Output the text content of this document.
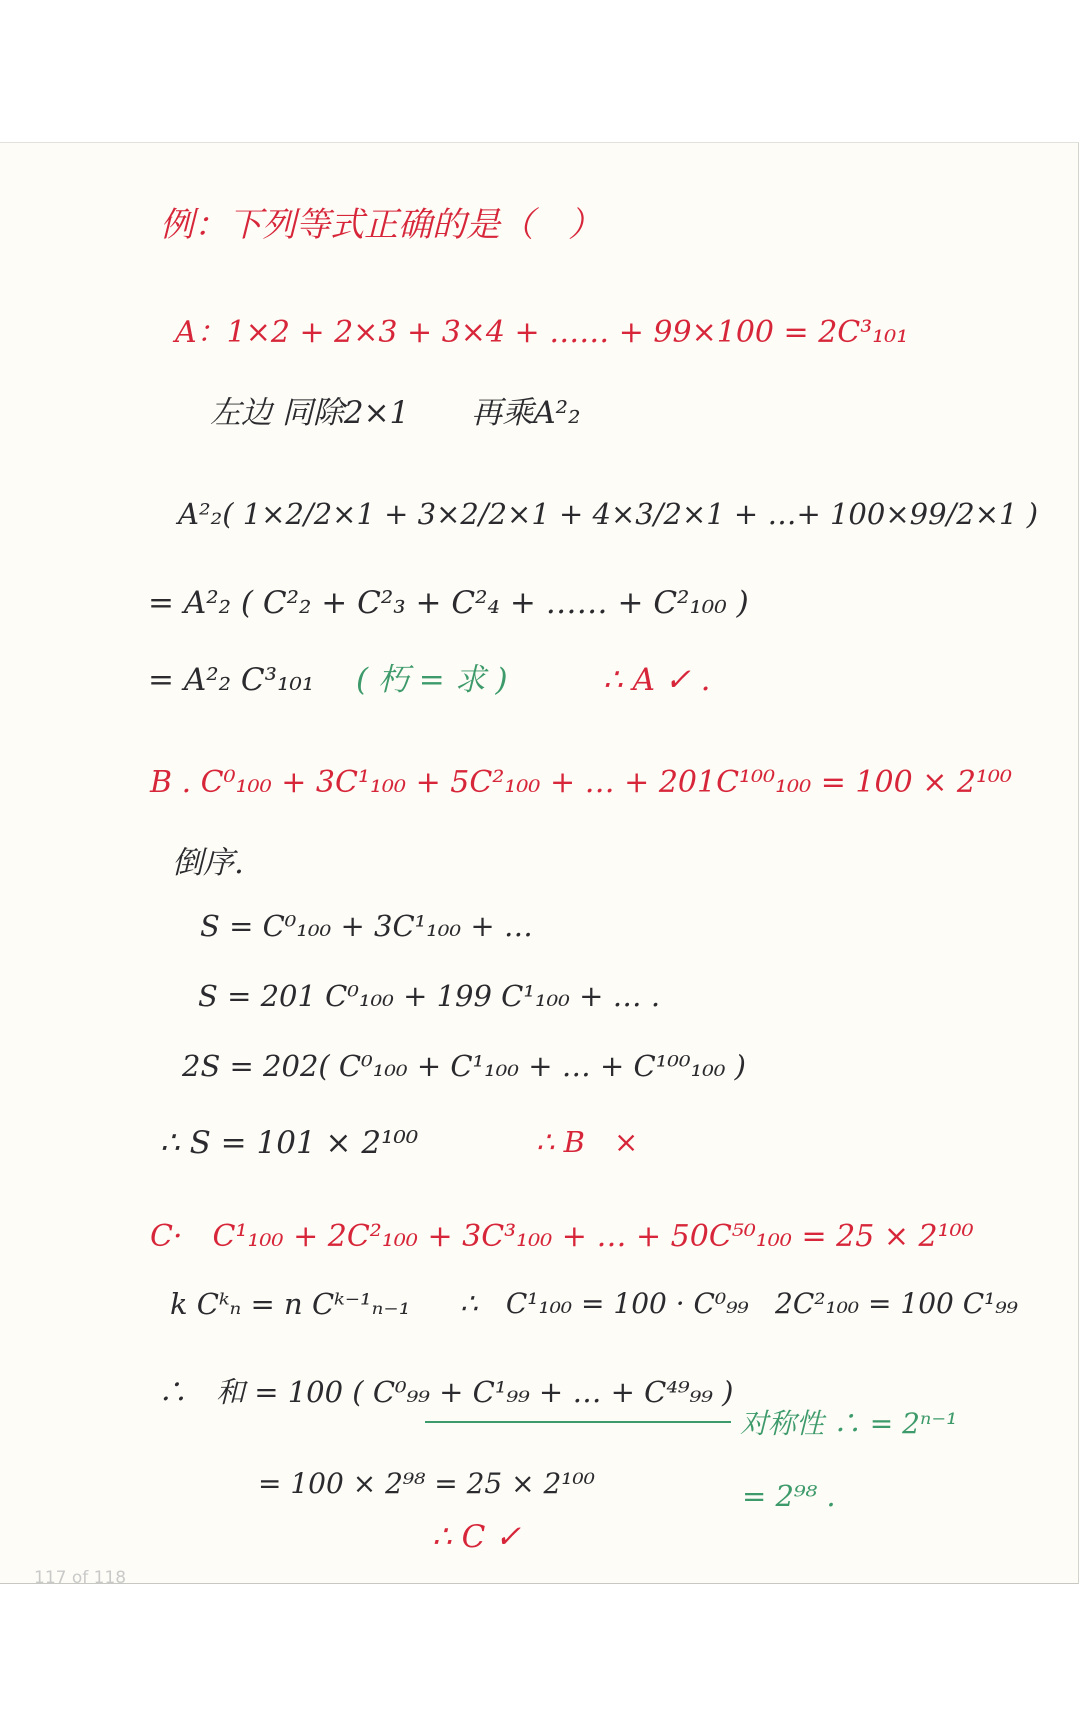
例：下列等式正确的是（　）
A：1×2 + 2×3 + 3×4 + …… + 99×100 = 2C³₁₀₁
左边 同除2×1　　再乘A²₂
A²₂( 1×2/2×1 + 3×2/2×1 + 4×3/2×1 + …+ 100×99/2×1 )
= A²₂ ( C²₂ + C²₃ + C²₄ + …… + C²₁₀₀ )
= A²₂ C³₁₀₁ ( 朽 = 求 )	∴ A ✓ .
B . C⁰₁₀₀ + 3C¹₁₀₀ + 5C²₁₀₀ + … + 201C¹⁰⁰₁₀₀ = 100 × 2¹⁰⁰
倒序.
S = C⁰₁₀₀ + 3C¹₁₀₀ + …
S = 201 C⁰₁₀₀ + 199 C¹₁₀₀ + … .
2S = 202( C⁰₁₀₀ + C¹₁₀₀ + … + C¹⁰⁰₁₀₀ )
∴ S = 101 × 2¹⁰⁰	∴ B　×
C·　C¹₁₀₀ + 2C²₁₀₀ + 3C³₁₀₀ + … + 50C⁵⁰₁₀₀ = 25 × 2¹⁰⁰
k Cᵏₙ = n Cᵏ⁻¹ₙ₋₁ ∴　C¹₁₀₀ = 100 · C⁰₉₉ 2C²₁₀₀ = 100 C¹₉₉
∴　和 = 100 ( C⁰₉₉ + C¹₉₉ + … + C⁴⁹₉₉ )
对称性 ∴ = 2ⁿ⁻¹
= 2⁹⁸ .
= 100 × 2⁹⁸ = 25 × 2¹⁰⁰
∴ C ✓
117 of 118
